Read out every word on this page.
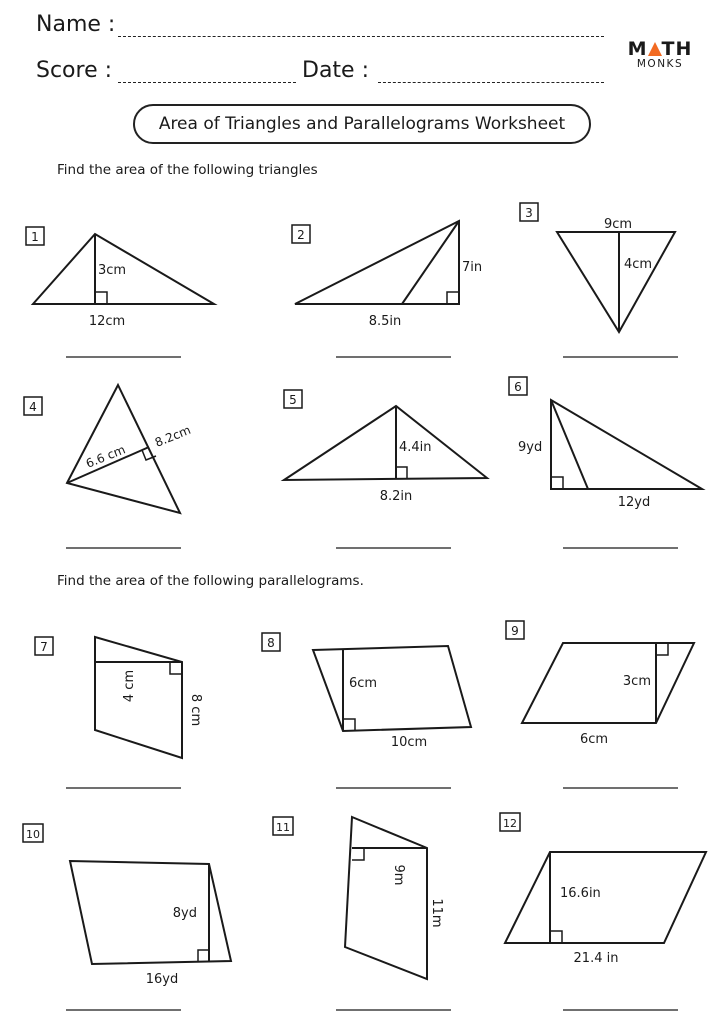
Name :
Score :	Date :
M TH
MONKS
Area of Triangles and Parallelograms Worksheet
Find the area of the following triangles
Find the area of the following parallelograms.
1	2
3
4	5
6
7	8
9
10
11	12
3cm
12cm
7in
8.5in
9cm
4cm
6.6 cm
8.2cm	4.4in
8.2in
9yd
12yd
4 cm
8 cm
6cm
10cm
3cm
6cm
8yd
16yd
9m
11m
16.6in
21.4 in
